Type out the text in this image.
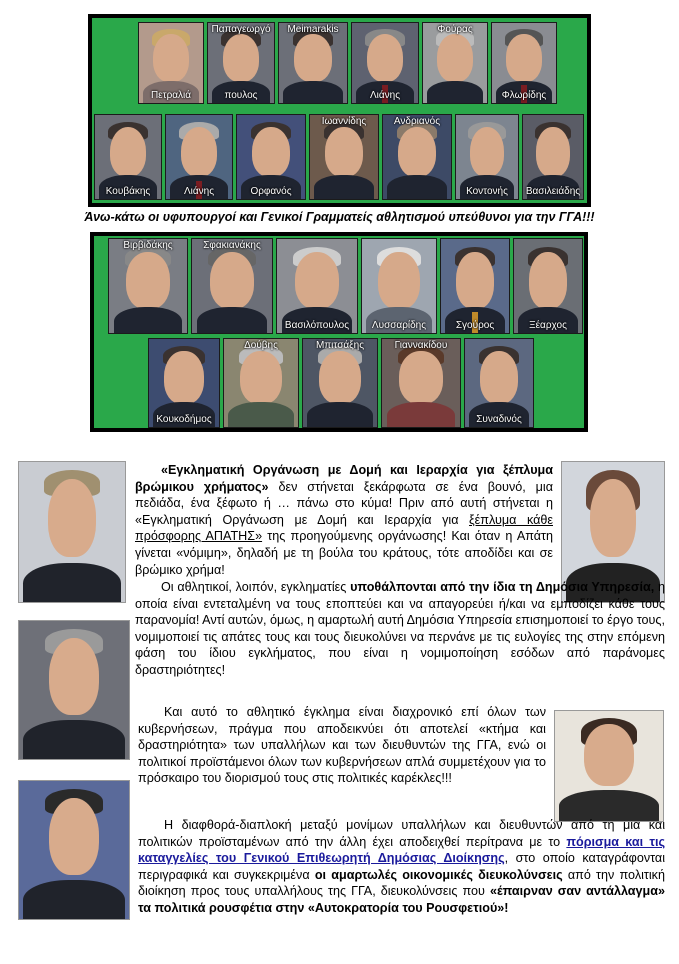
Πετραλιά
Παπαγεωργό
πουλος
Meimarakis
Λιάνης
Φούρας
Φλωρίδης
Κουβάκης	Λιάνης	Ορφανός
Ιωαννίδης	Ανδριανός
Κοντονής	Βασιλειάδης
Άνω-κάτω οι υφυπουργοί και Γενικοί Γραμματείς αθλητισμού υπεύθυνοι για την ΓΓΑ!!!
Βιρβιδάκης	Σφακιανάκης
Βασιλόπουλος	Λυσσαρίδης	Σγούρος	Ξέαρχος
Κουκοδήμος
Δούβης	Μπιτσάξης	Γιαννακίδου
Συναδινός

«Εγκληματική Οργάνωση με Δομή και Ιεραρχία για ξέπλυμα βρώμικου χρήματος» δεν στήνεται ξεκάρφωτα σε ένα βουνό, μια πεδιάδα, ένα ξέφωτο ή … πάνω στο κύμα! Πριν από αυτή στήνεται η «Εγκληματική Οργάνωση με Δομή και Ιεραρχία για ξέπλυμα κάθε πρόσφορης ΑΠΑΤΗΣ» της προηγούμενης οργάνωσης! Και όταν η Απάτη γίνεται «νόμιμη», δηλαδή με τη βούλα του κράτους, τότε αποδίδει και σε βρώμικο χρήμα!

Οι αθλητικοί, λοιπόν, εγκληματίες υποθάλπονται από την ίδια τη Δημόσια Υπηρεσία, η οποία είναι εντεταλμένη να τους εποπτεύει και να απαγορεύει ή/και να εμποδίζει κάθε τους παρανομία! Αντί αυτών, όμως, η αμαρτωλή αυτή Δημόσια Υπηρεσία επισημοποιεί το έργο τους, νομιμοποιεί τις απάτες τους και τους διευκολύνει να περνάνε με τις ευλογίες της στην επόμενη φάση του ίδιου εγκλήματος, που είναι η νομιμοποίηση εσόδων από παράνομες δραστηριότητες!

Και αυτό το αθλητικό έγκλημα είναι διαχρονικό επί όλων των κυβερνήσεων, πράγμα που αποδεικνύει ότι αποτελεί «κτήμα και δραστηριότητα» των υπαλλήλων και των διευθυντών της ΓΓΑ, ενώ οι πολιτικοί προϊστάμενοι όλων των κυβερνήσεων απλά συμμετέχουν για το πρόσκαιρο του διορισμού τους στις πολιτικές καρέκλες!!!

Η διαφθορά-διαπλοκή μεταξύ μονίμων υπαλλήλων και διευθυντών από τη μια και πολιτικών προϊσταμένων από την άλλη έχει αποδειχθεί περίτρανα με το πόρισμα και τις καταγγελίες του Γενικού Επιθεωρητή Δημόσιας Διοίκησης, στο οποίο καταγράφονται περιγραφικά και συγκεκριμένα οι αμαρτωλές οικονομικές διευκολύνσεις από την πολιτική διοίκηση προς τους υπαλλήλους της ΓΓΑ, διευκολύνσεις που «έπαιρναν σαν αντάλλαγμα» τα πολιτικά ρουσφέτια στην «Αυτοκρατορία του Ρουσφετιού»!
